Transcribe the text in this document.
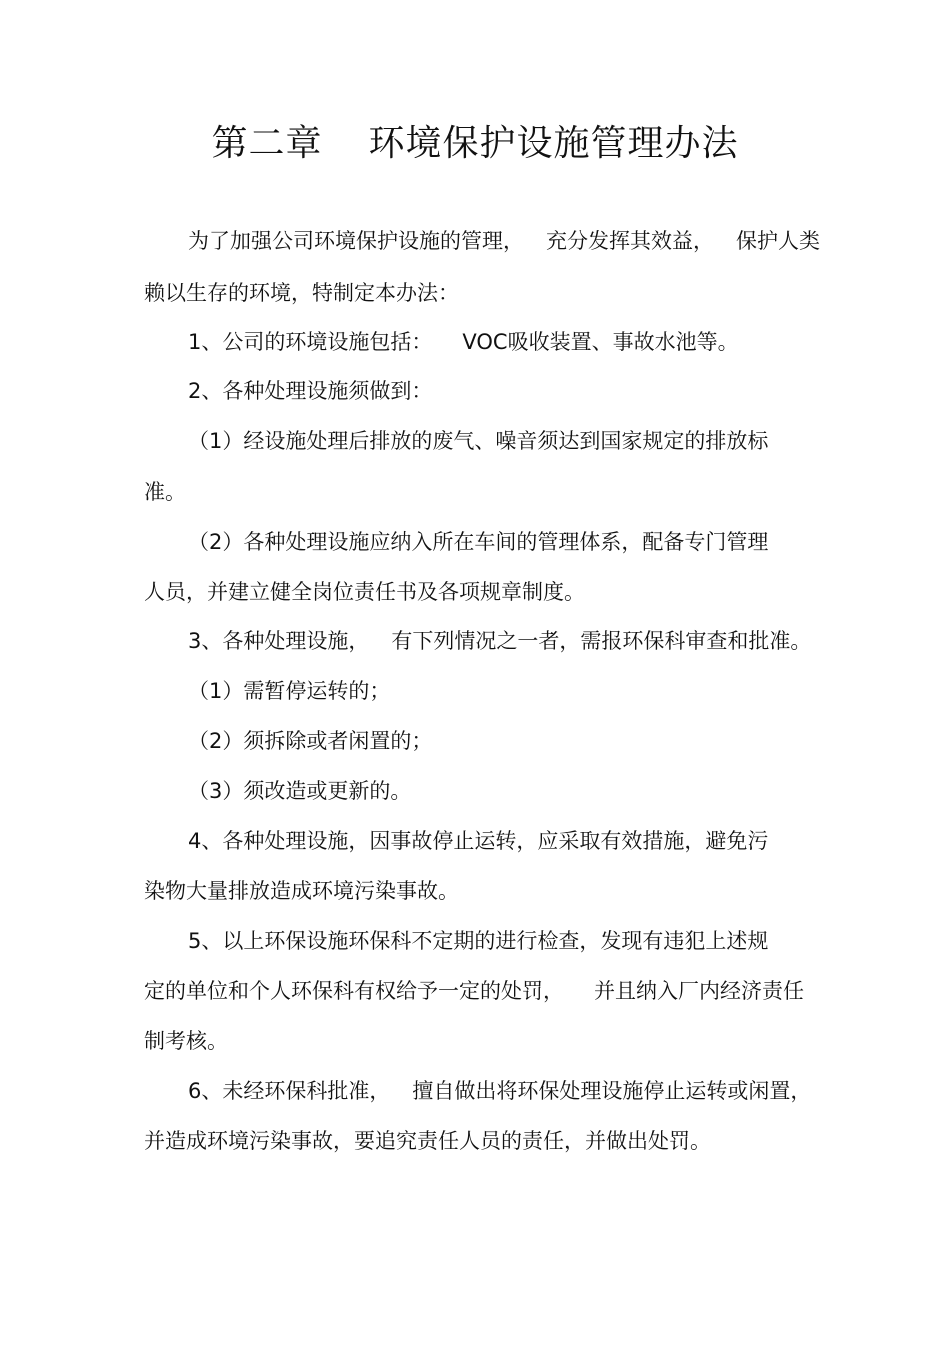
第二章 环境保护设施管理办法
为了加强公司环境保护设施的管理， 充分发挥其效益， 保护人类
赖以生存的环境，特制定本办法：
1、公司的环境设施包括： VOC吸收装置、事故水池等。
2、各种处理设施须做到：
（1）经设施处理后排放的废气、噪音须达到国家规定的排放标
准。
（2）各种处理设施应纳入所在车间的管理体系，配备专门管理
人员，并建立健全岗位责任书及各项规章制度。
3、各种处理设施， 有下列情况之一者，需报环保科审查和批准。
（1）需暂停运转的；
（2）须拆除或者闲置的；
（3）须改造或更新的。
4、各种处理设施，因事故停止运转，应采取有效措施，避免污
染物大量排放造成环境污染事故。
5、以上环保设施环保科不定期的进行检查，发现有违犯上述规
定的单位和个人环保科有权给予一定的处罚， 并且纳入厂内经济责任
制考核。
6、未经环保科批准， 擅自做出将环保处理设施停止运转或闲置，
并造成环境污染事故，要追究责任人员的责任，并做出处罚。
